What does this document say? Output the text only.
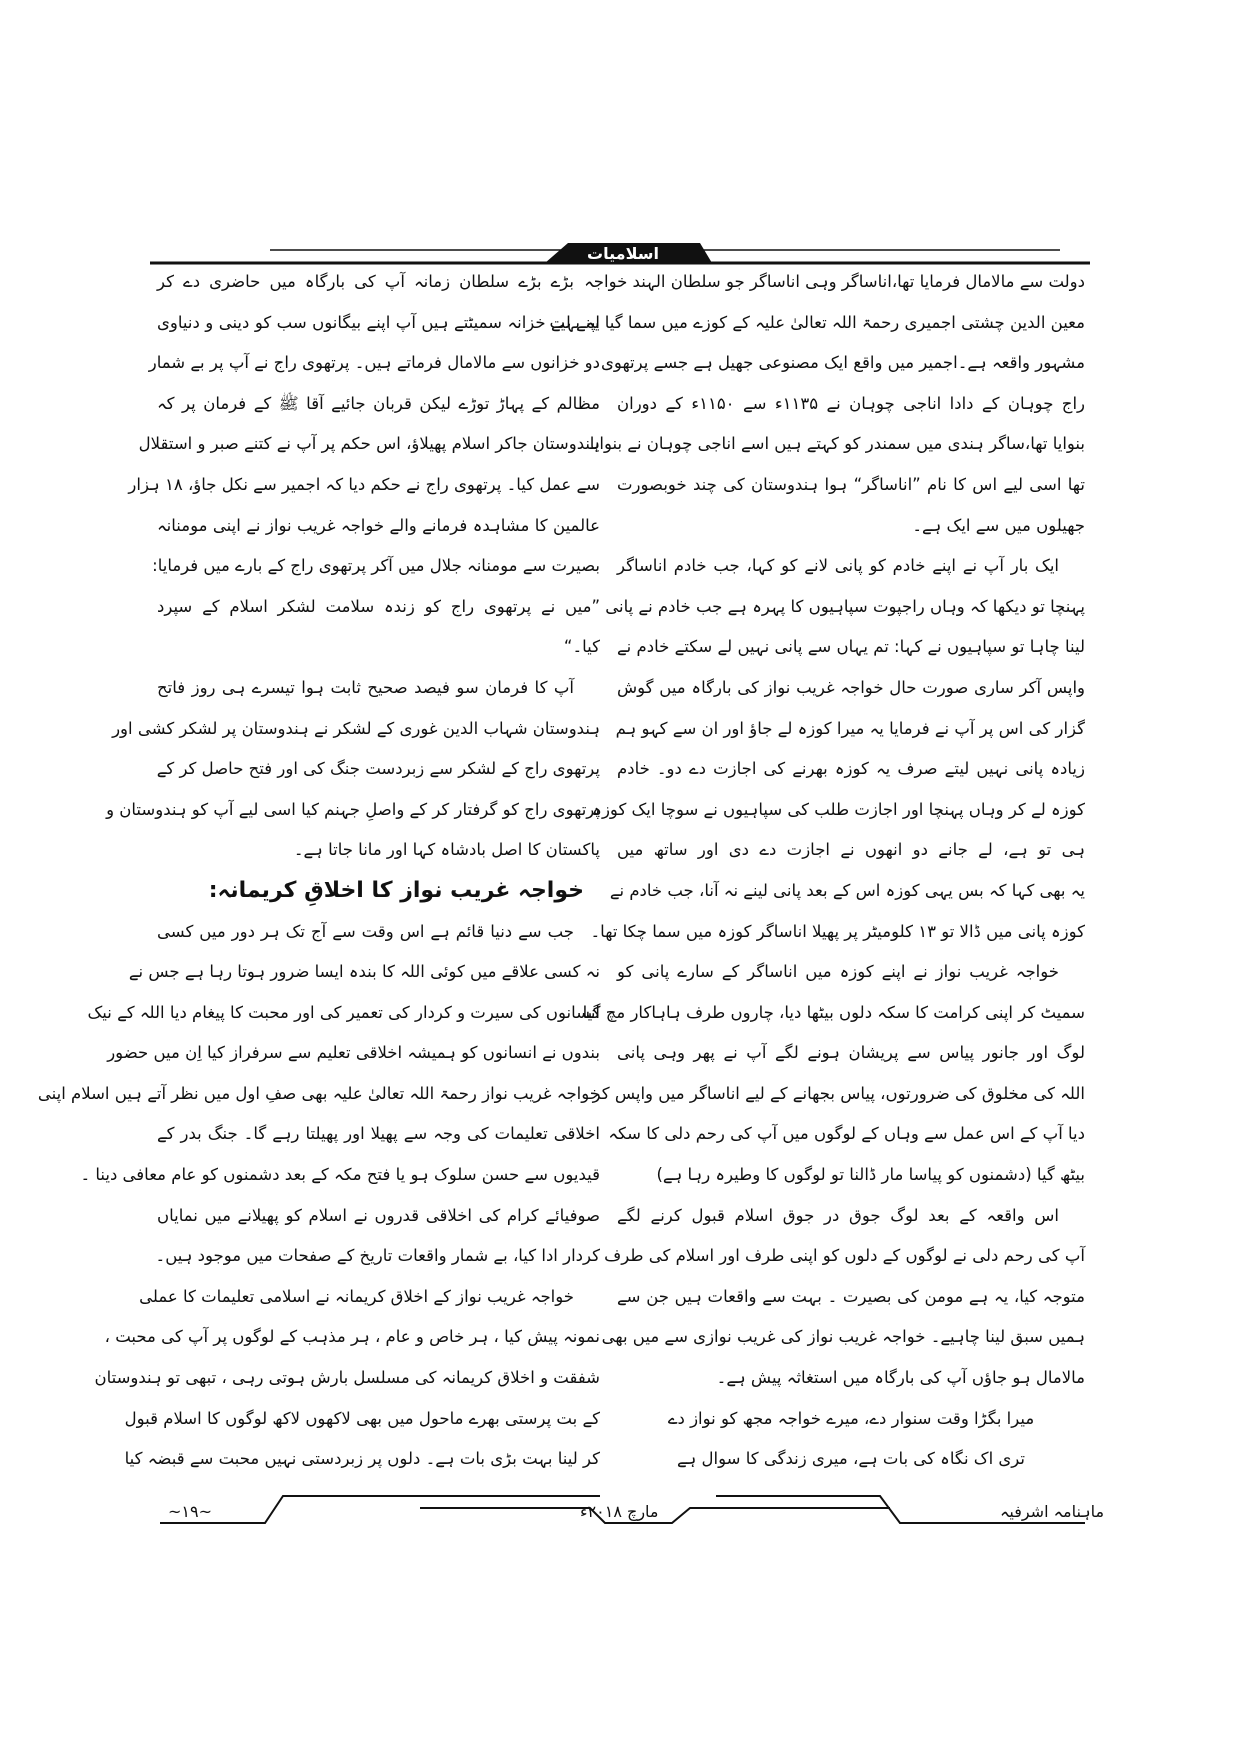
اسلامیات
دولت سے مالامال فرمایا تھا،اناساگر وہی اناساگر جو سلطان الہند خواجہ
معین الدین چشتی اجمیری رحمۃ اللہ تعالیٰ علیہ کے کوزے میں سما گیا یہ بہت
مشہور واقعہ ہے۔اجمیر میں واقع ایک مصنوعی جھیل ہے جسے پرتھوی
راج چوہان کے دادا اناجی چوہان نے ۱۱۳۵ء سے ۱۱۵۰ء کے دوران
بنوایا تھا،ساگر ہندی میں سمندر کو کہتے ہیں اسے اناجی چوہان نے بنوایا
تھا اسی لیے اس کا نام ”اناساگر“ ہوا ہندوستان کی چند خوبصورت
جھیلوں میں سے ایک ہے۔
ایک بار آپ نے اپنے خادم کو پانی لانے کو کہا، جب خادم اناساگر
پہنچا تو دیکھا کہ وہاں راجپوت سپاہیوں کا پہرہ ہے جب خادم نے پانی
لینا چاہا تو سپاہیوں نے کہا: تم یہاں سے پانی نہیں لے سکتے خادم نے
واپس آکر ساری صورت حال خواجہ غریب نواز کی بارگاہ میں گوش
گزار کی اس پر آپ نے فرمایا یہ میرا کوزہ لے جاؤ اور ان سے کہو ہم
زیادہ پانی نہیں لیتے صرف یہ کوزہ بھرنے کی اجازت دے دو۔ خادم
کوزہ لے کر وہاں پہنچا اور اجازت طلب کی سپاہیوں نے سوچا ایک کوزہ
ہی تو ہے، لے جانے دو انھوں نے اجازت دے دی اور ساتھ میں
یہ بھی کہا کہ بس یہی کوزہ اس کے بعد پانی لینے نہ آنا، جب خادم نے
کوزہ پانی میں ڈالا تو ۱۳ کلومیٹر پر پھیلا اناساگر کوزہ میں سما چکا تھا۔
خواجہ غریب نواز نے اپنے کوزہ میں اناساگر کے سارے پانی کو
سمیٹ کر اپنی کرامت کا سکہ دلوں بیٹھا دیا، چاروں طرف ہاہاکار مچ گیا
لوگ اور جانور پیاس سے پریشان ہونے لگے آپ نے پھر وہی پانی
اللہ کی مخلوق کی ضرورتوں، پیاس بجھانے کے لیے اناساگر میں واپس کر
دیا آپ کے اس عمل سے وہاں کے لوگوں میں آپ کی رحم دلی کا سکہ
بیٹھ گیا (دشمنوں کو پیاسا مار ڈالنا تو لوگوں کا وطیرہ رہا ہے)
اس واقعہ کے بعد لوگ جوق در جوق اسلام قبول کرنے لگے
آپ کی رحم دلی نے لوگوں کے دلوں کو اپنی طرف اور اسلام کی طرف
متوجہ کیا، یہ ہے مومن کی بصیرت ۔ بہت سے واقعات ہیں جن سے
ہمیں سبق لینا چاہیے۔ خواجہ غریب نواز کی غریب نوازی سے میں بھی
مالامال ہو جاؤں آپ کی بارگاہ میں استغاثہ پیش ہے۔
میرا بگڑا وقت سنوار دے، میرے خواجہ مجھ کو نواز دے
تری اک نگاہ کی بات ہے، میری زندگی کا سوال ہے
بڑے بڑے سلطان زمانہ آپ کی بارگاہ میں حاضری دے کر
اپنے لیے خزانہ سمیٹتے ہیں آپ اپنے بیگانوں سب کو دینی و دنیاوی
دو خزانوں سے مالامال فرماتے ہیں۔ پرتھوی راج نے آپ پر بے شمار
مظالم کے پہاڑ توڑے لیکن قربان جائیے آقا ﷺ کے فرمان پر کہ
ہندوستان جاکر اسلام پھیلاؤ، اس حکم پر آپ نے کتنے صبر و استقلال
سے عمل کیا۔ پرتھوی راج نے حکم دیا کہ اجمیر سے نکل جاؤ، ۱۸ ہزار
عالمین کا مشاہدہ فرمانے والے خواجہ غریب نواز نے اپنی مومنانہ
بصیرت سے مومنانہ جلال میں آکر پرتھوی راج کے بارے میں فرمایا:
”میں نے پرتھوی راج کو زندہ سلامت لشکر اسلام کے سپرد
کیا۔“
آپ کا فرمان سو فیصد صحیح ثابت ہوا تیسرے ہی روز فاتح
ہندوستان شہاب الدین غوری کے لشکر نے ہندوستان پر لشکر کشی اور
پرتھوی راج کے لشکر سے زبردست جنگ کی اور فتح حاصل کر کے
پرتھوی راج کو گرفتار کر کے واصلِ جہنم کیا اسی لیے آپ کو ہندوستان و
پاکستان کا اصل بادشاہ کہا اور مانا جاتا ہے۔
خواجہ غریب نواز کا اخلاقِ کریمانہ:
جب سے دنیا قائم ہے اس وقت سے آج تک ہر دور میں کسی
نہ کسی علاقے میں کوئی اللہ کا بندہ ایسا ضرور ہوتا رہا ہے جس نے
انسانوں کی سیرت و کردار کی تعمیر کی اور محبت کا پیغام دیا اللہ کے نیک
بندوں نے انسانوں کو ہمیشہ اخلاقی تعلیم سے سرفراز کیا اِن میں حضور
خواجہ غریب نواز رحمۃ اللہ تعالیٰ علیہ بھی صفِ اول میں نظر آتے ہیں اسلام اپنی
اخلاقی تعلیمات کی وجہ سے پھیلا اور پھیلتا رہے گا۔ جنگ بدر کے
قیدیوں سے حسن سلوک ہو یا فتح مکہ کے بعد دشمنوں کو عام معافی دینا ۔
صوفیائے کرام کی اخلاقی قدروں نے اسلام کو پھیلانے میں نمایاں
کردار ادا کیا، بے شمار واقعات تاریخ کے صفحات میں موجود ہیں۔
خواجہ غریب نواز کے اخلاق کریمانہ نے اسلامی تعلیمات کا عملی
نمونہ پیش کیا ، ہر خاص و عام ، ہر مذہب کے لوگوں پر آپ کی محبت ،
شفقت و اخلاق کریمانہ کی مسلسل بارش ہوتی رہی ، تبھی تو ہندوستان
کے بت پرستی بھرے ماحول میں بھی لاکھوں لاکھ لوگوں کا اسلام قبول
کر لینا بہت بڑی بات ہے۔ دلوں پر زبردستی نہیں محبت سے قبضہ کیا
ماہنامہ اشرفیہ
مارچ ۲۰۱۸ء
~۱۹~
